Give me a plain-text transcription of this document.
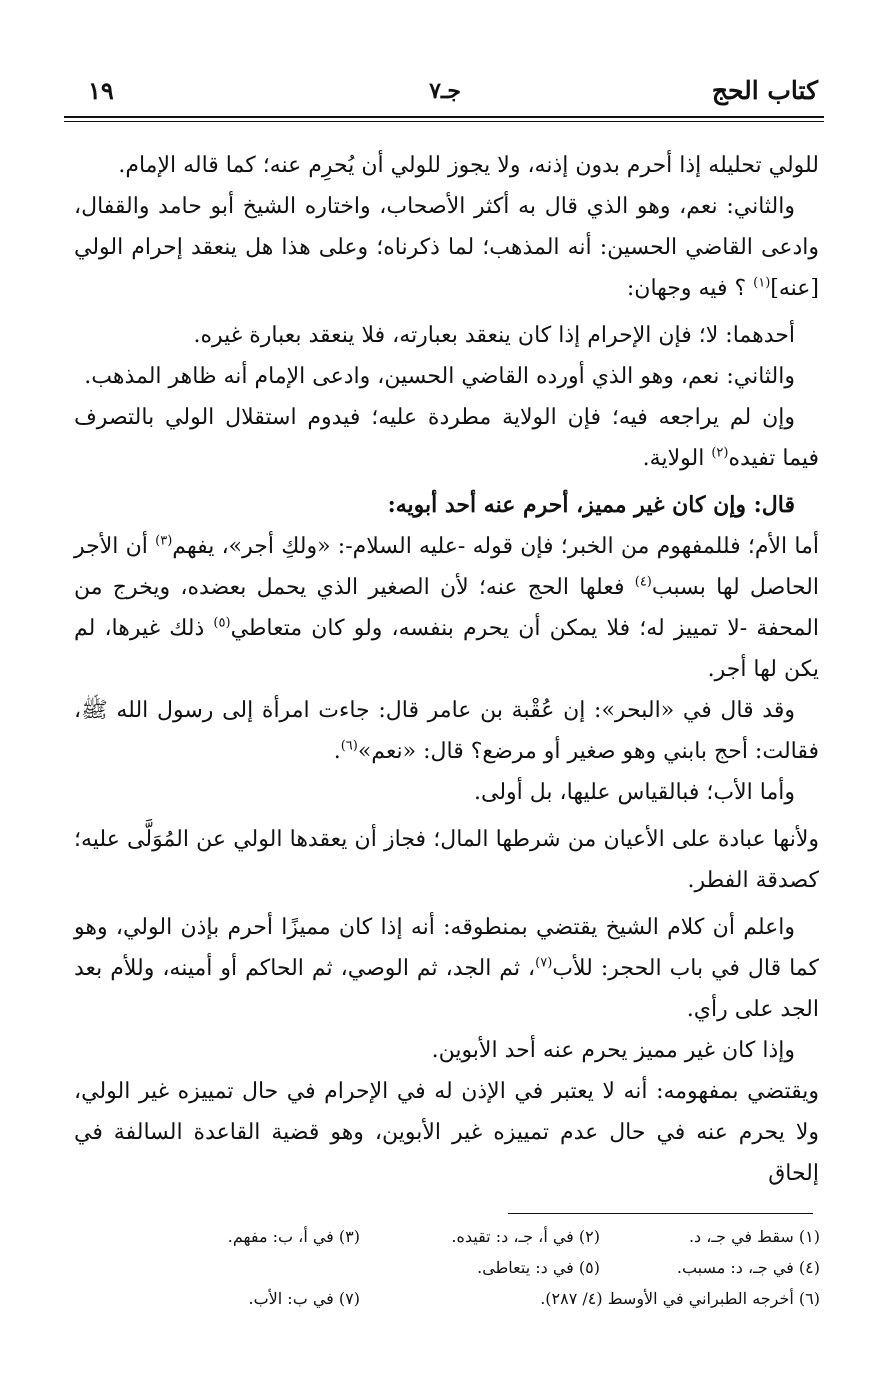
كتاب الحج
جـ٧
١٩

للولي تحليله إذا أحرم بدون إذنه، ولا يجوز للولي أن يُحرِم عنه؛ كما قاله الإمام.

والثاني: نعم، وهو الذي قال به أكثر الأصحاب، واختاره الشيخ أبو حامد والقفال، وادعى القاضي الحسين: أنه المذهب؛ لما ذكرناه؛ وعلى هذا هل ينعقد إحرام الولي [عنه]$^{(١)}$ ؟ فيه وجهان:

أحدهما: لا؛ فإن الإحرام إذا كان ينعقد بعبارته، فلا ينعقد بعبارة غيره.

والثاني: نعم، وهو الذي أورده القاضي الحسين، وادعى الإمام أنه ظاهر المذهب.

وإن لم يراجعه فيه؛ فإن الولاية مطردة عليه؛ فيدوم استقلال الولي بالتصرف فيما تفيده$^{(٢)}$ الولاية.

قال: وإن كان غير مميز، أحرم عنه أحد أبويه:

أما الأم؛ فللمفهوم من الخبر؛ فإن قوله -عليه السلام-: «ولكِ أجر»، يفهم$^{(٣)}$ أن الأجر الحاصل لها بسبب$^{(٤)}$ فعلها الحج عنه؛ لأن الصغير الذي يحمل بعضده، ويخرج من المحفة -لا تمييز له؛ فلا يمكن أن يحرم بنفسه، ولو كان متعاطي$^{(٥)}$ ذلك غيرها، لم يكن لها أجر.

وقد قال في «البحر»: إن عُقْبة بن عامر قال: جاءت امرأة إلى رسول الله ﷺ، فقالت: أحج بابني وهو صغير أو مرضع؟ قال: «نعم»$^{(٦)}$.

وأما الأب؛ فبالقياس عليها، بل أولى.

ولأنها عبادة على الأعيان من شرطها المال؛ فجاز أن يعقدها الولي عن المُوَلَّى عليه؛ كصدقة الفطر.

واعلم أن كلام الشيخ يقتضي بمنطوقه: أنه إذا كان مميزًا أحرم بإذن الولي، وهو كما قال في باب الحجر: للأب$^{(٧)}$، ثم الجد، ثم الوصي، ثم الحاكم أو أمينه، وللأم بعد الجد على رأي.

وإذا كان غير مميز يحرم عنه أحد الأبوين.

ويقتضي بمفهومه: أنه لا يعتبر في الإذن له في الإحرام في حال تمييزه غير الولي، ولا يحرم عنه في حال عدم تمييزه غير الأبوين، وهو قضية القاعدة السالفة في إلحاق

(١) سقط في جـ، د.
(٢) في أ، جـ، د: تقيده.
(٣) في أ، ب: مفهم.
(٤) في جـ، د: مسبب.
(٥) في د: يتعاطى.
(٦) أخرجه الطبراني في الأوسط (٤/ ٢٨٧).
(٧) في ب: الأب.
